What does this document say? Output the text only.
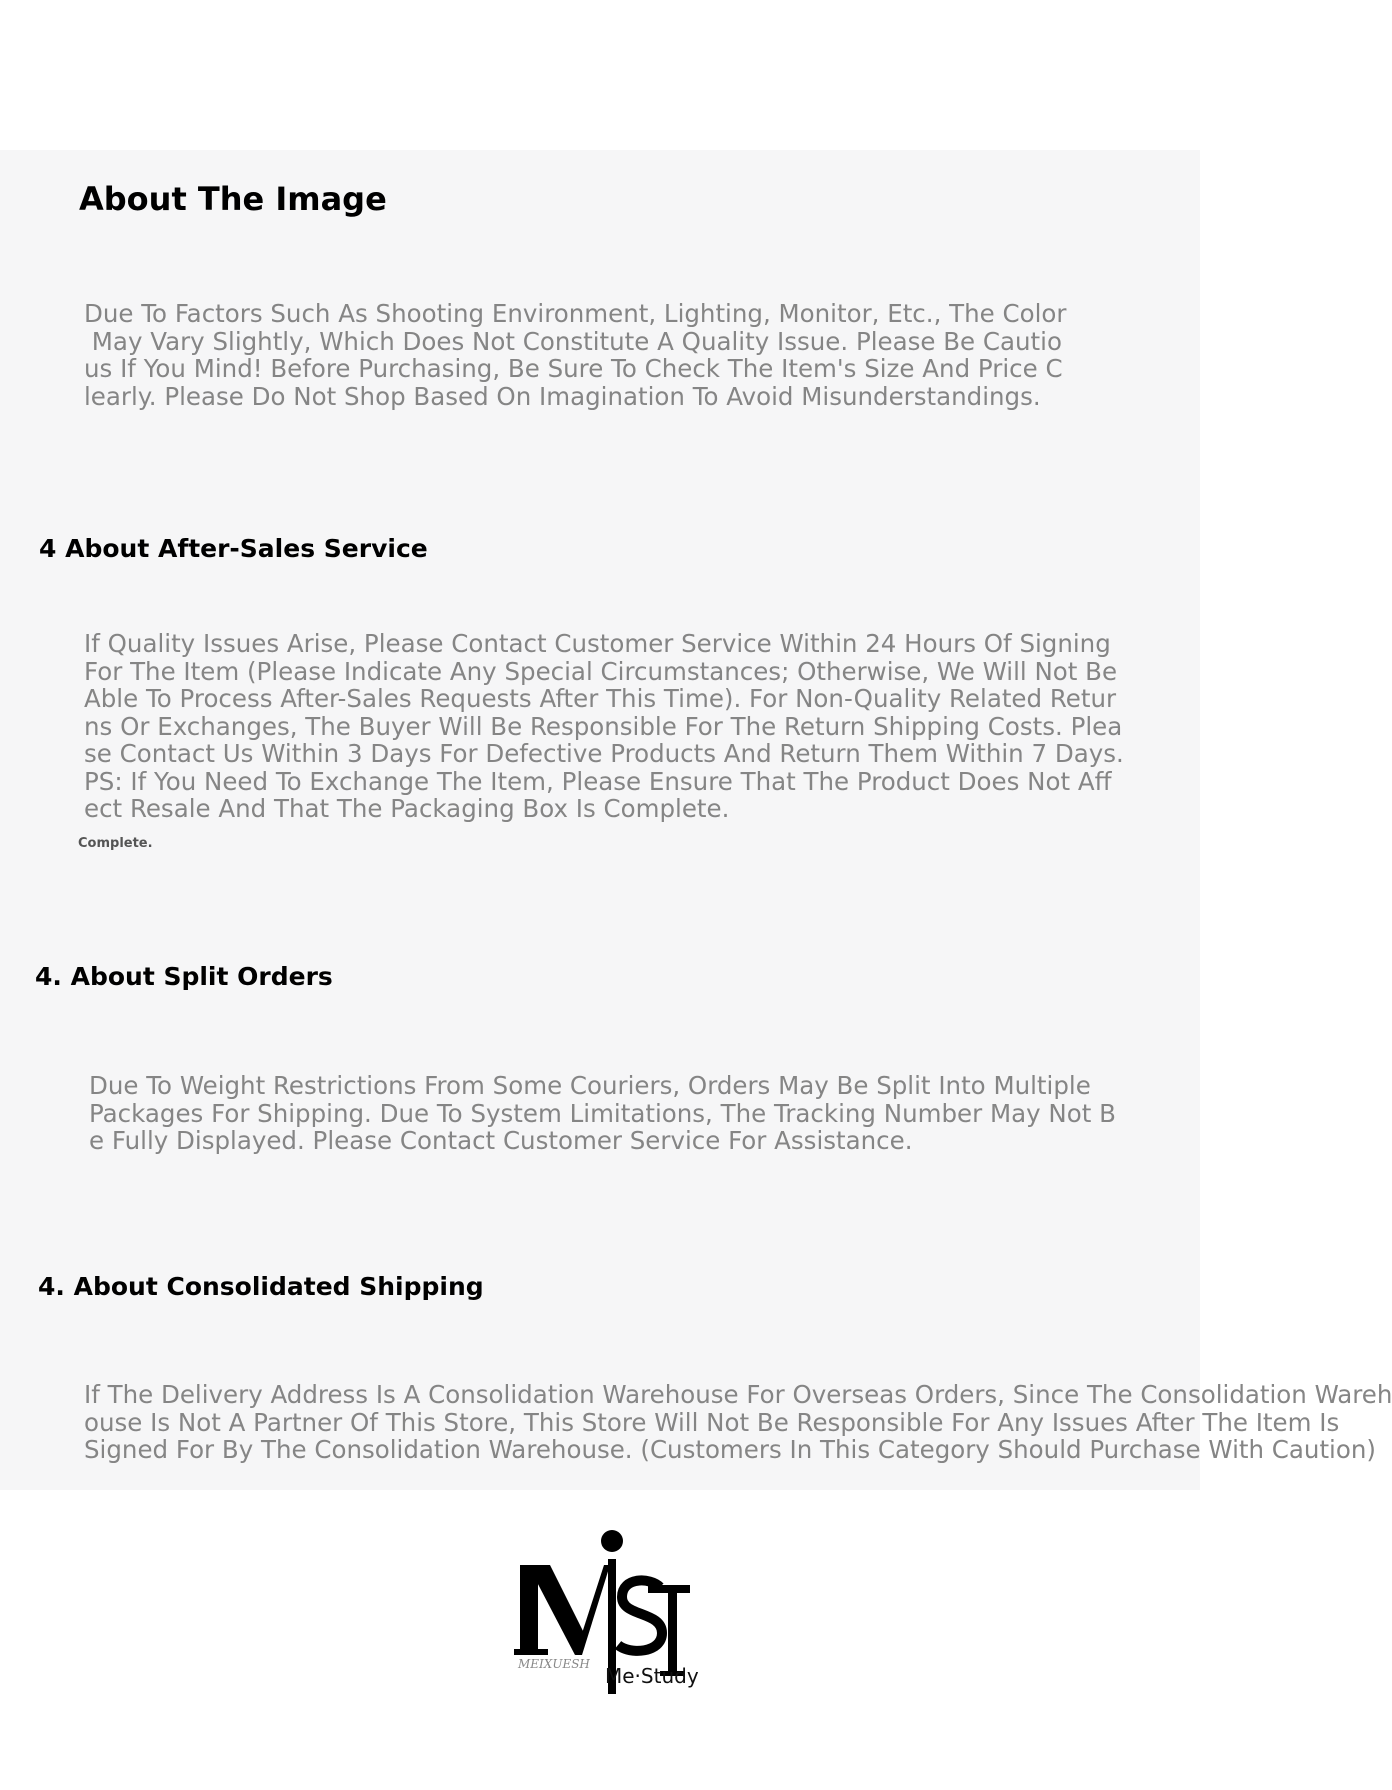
About The Image

Due To Factors Such As Shooting Environment, Lighting, Monitor, Etc., The Color
May Vary Slightly, Which Does Not Constitute A Quality Issue. Please Be Cautio
us If You Mind! Before Purchasing, Be Sure To Check The Item's Size And Price C
learly. Please Do Not Shop Based On Imagination To Avoid Misunderstandings.

4 About After-Sales Service

If Quality Issues Arise, Please Contact Customer Service Within 24 Hours Of Signing
For The Item (Please Indicate Any Special Circumstances; Otherwise, We Will Not Be
Able To Process After-Sales Requests After This Time). For Non-Quality Related Retur
ns Or Exchanges, The Buyer Will Be Responsible For The Return Shipping Costs. Plea
se Contact Us Within 3 Days For Defective Products And Return Them Within 7 Days.
PS: If You Need To Exchange The Item, Please Ensure That The Product Does Not Aff
ect Resale And That The Packaging Box Is Complete.

Complete.
4. About Split Orders

Due To Weight Restrictions From Some Couriers, Orders May Be Split Into Multiple
Packages For Shipping. Due To System Limitations, The Tracking Number May Not B
e Fully Displayed. Please Contact Customer Service For Assistance.

4. About Consolidated Shipping

If The Delivery Address Is A Consolidation Warehouse For Overseas Orders, Since The Consolidation Wareh
ouse Is Not A Partner Of This Store, This Store Will Not Be Responsible For Any Issues After The Item Is
Signed For By The Consolidation Warehouse. (Customers In This Category Should Purchase With Caution)

MEIXUESH Me·Study
